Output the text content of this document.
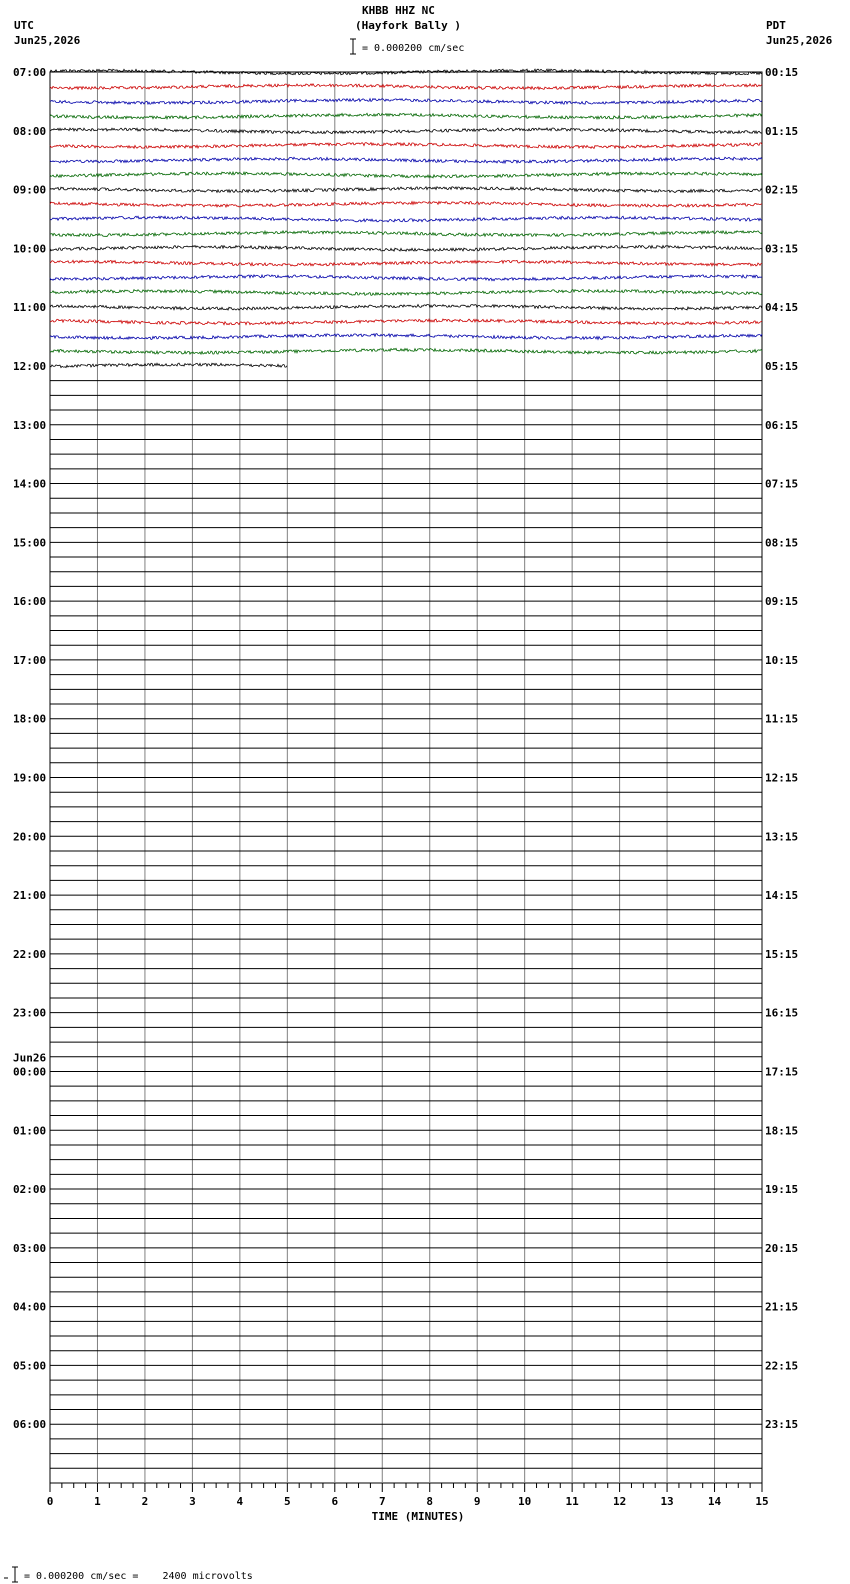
KHBB HHZ NC
(Hayfork Bally )
= 0.000200 cm/sec
UTC
Jun25,2026
PDT
Jun25,2026
07:00
08:00
09:00
10:00
11:00
12:00
13:00
14:00
15:00
16:00
17:00
18:00
19:00
20:00
21:00
22:00
23:00
00:00
Jun26
01:00
02:00
03:00
04:00
05:00
06:00
00:15
01:15
02:15
03:15
04:15
05:15
06:15
07:15
08:15
09:15
10:15
11:15
12:15
13:15
14:15
15:15
16:15
17:15
18:15
19:15
20:15
21:15
22:15
23:15
0	1	2	3	4	5	6	7	8	9	10	11	12	13	14	15
TIME (MINUTES)
= 0.000200 cm/sec =    2400 microvolts
